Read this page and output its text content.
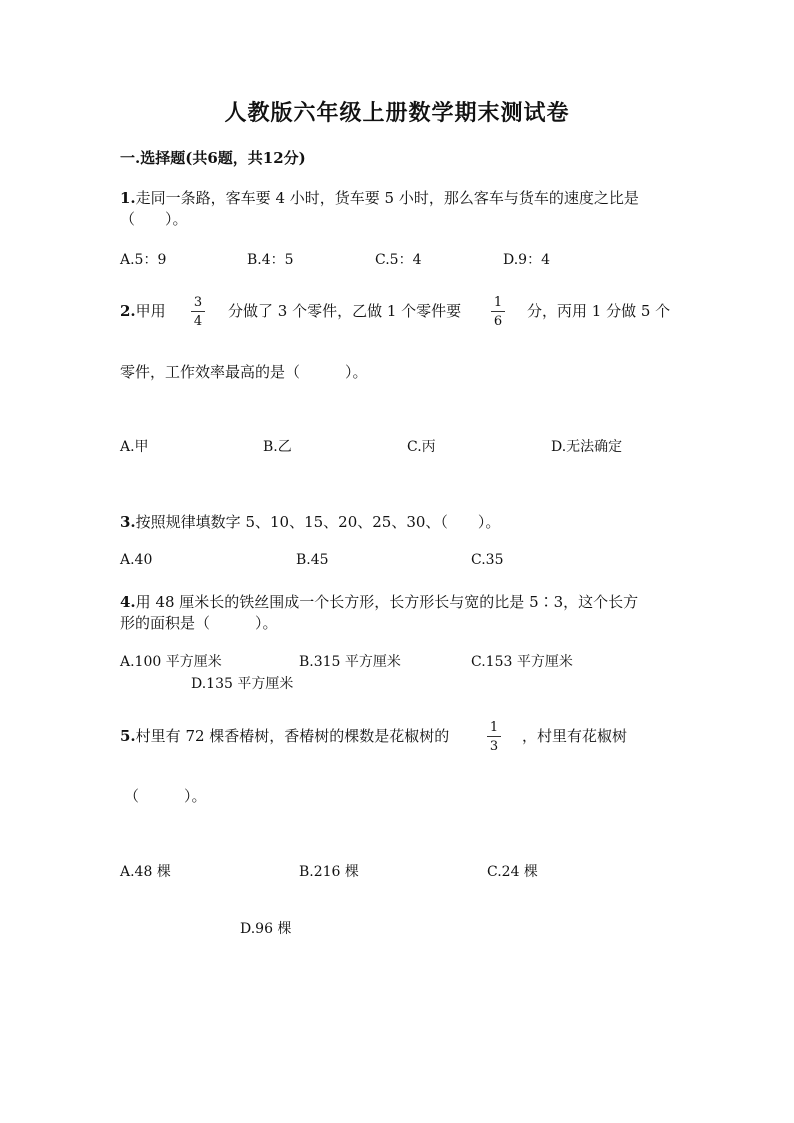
人教版六年级上册数学期末测试卷
一.选择题(共6题，共12分)
1.走同一条路，客车要 4 小时，货车要 5 小时，那么客车与货车的速度之比是
（　　）。
A.5：9	B.4：5	C.5：4	D.9：4
2.甲用 3
4
分做了 3 个零件，乙做 1 个零件要	1
6
分，丙用 1 分做 5 个
零件，工作效率最高的是（　　　）。
A.甲	B.乙	C.丙	D.无法确定
3.按照规律填数字 5、10、15、20、25、30、（　　）。
A.40	B.45	C.35
4.用 48 厘米长的铁丝围成一个长方形，长方形长与宽的比是 5∶3，这个长方
形的面积是（　　　）。
A.100 平方厘米	B.315 平方厘米	C.153 平方厘米
D.135 平方厘米
5.村里有 72 棵香椿树，香椿树的棵数是花椒树的	1
3
，村里有花椒树
（　　　）。
A.48 棵	B.216 棵	C.24 棵
D.96 棵
